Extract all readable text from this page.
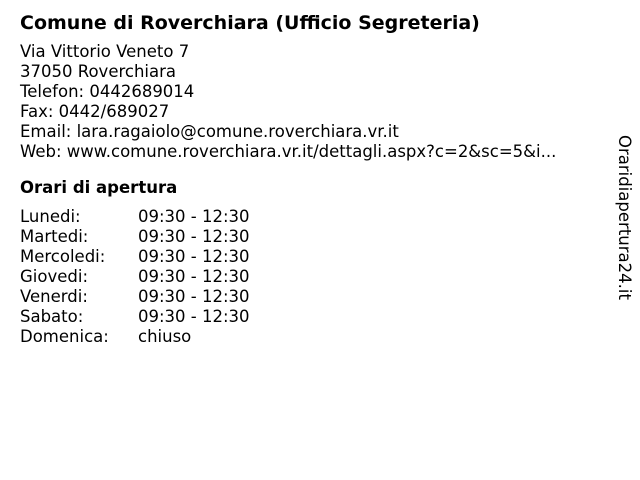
Comune di Roverchiara (Ufficio Segreteria)
Via Vittorio Veneto 7
37050 Roverchiara
Telefon: 0442689014
Fax: 0442/689027
Email: lara.ragaiolo@comune.roverchiara.vr.it
Web: www.comune.roverchiara.vr.it/dettagli.aspx?c=2&sc=5&i...
Orari di apertura
Lunedi:	09:30 - 12:30
Martedi:	09:30 - 12:30
Mercoledi:	09:30 - 12:30
Giovedi:	09:30 - 12:30
Venerdi:	09:30 - 12:30
Sabato:	09:30 - 12:30
Domenica:	chiuso
Oraridiapertura24.it
